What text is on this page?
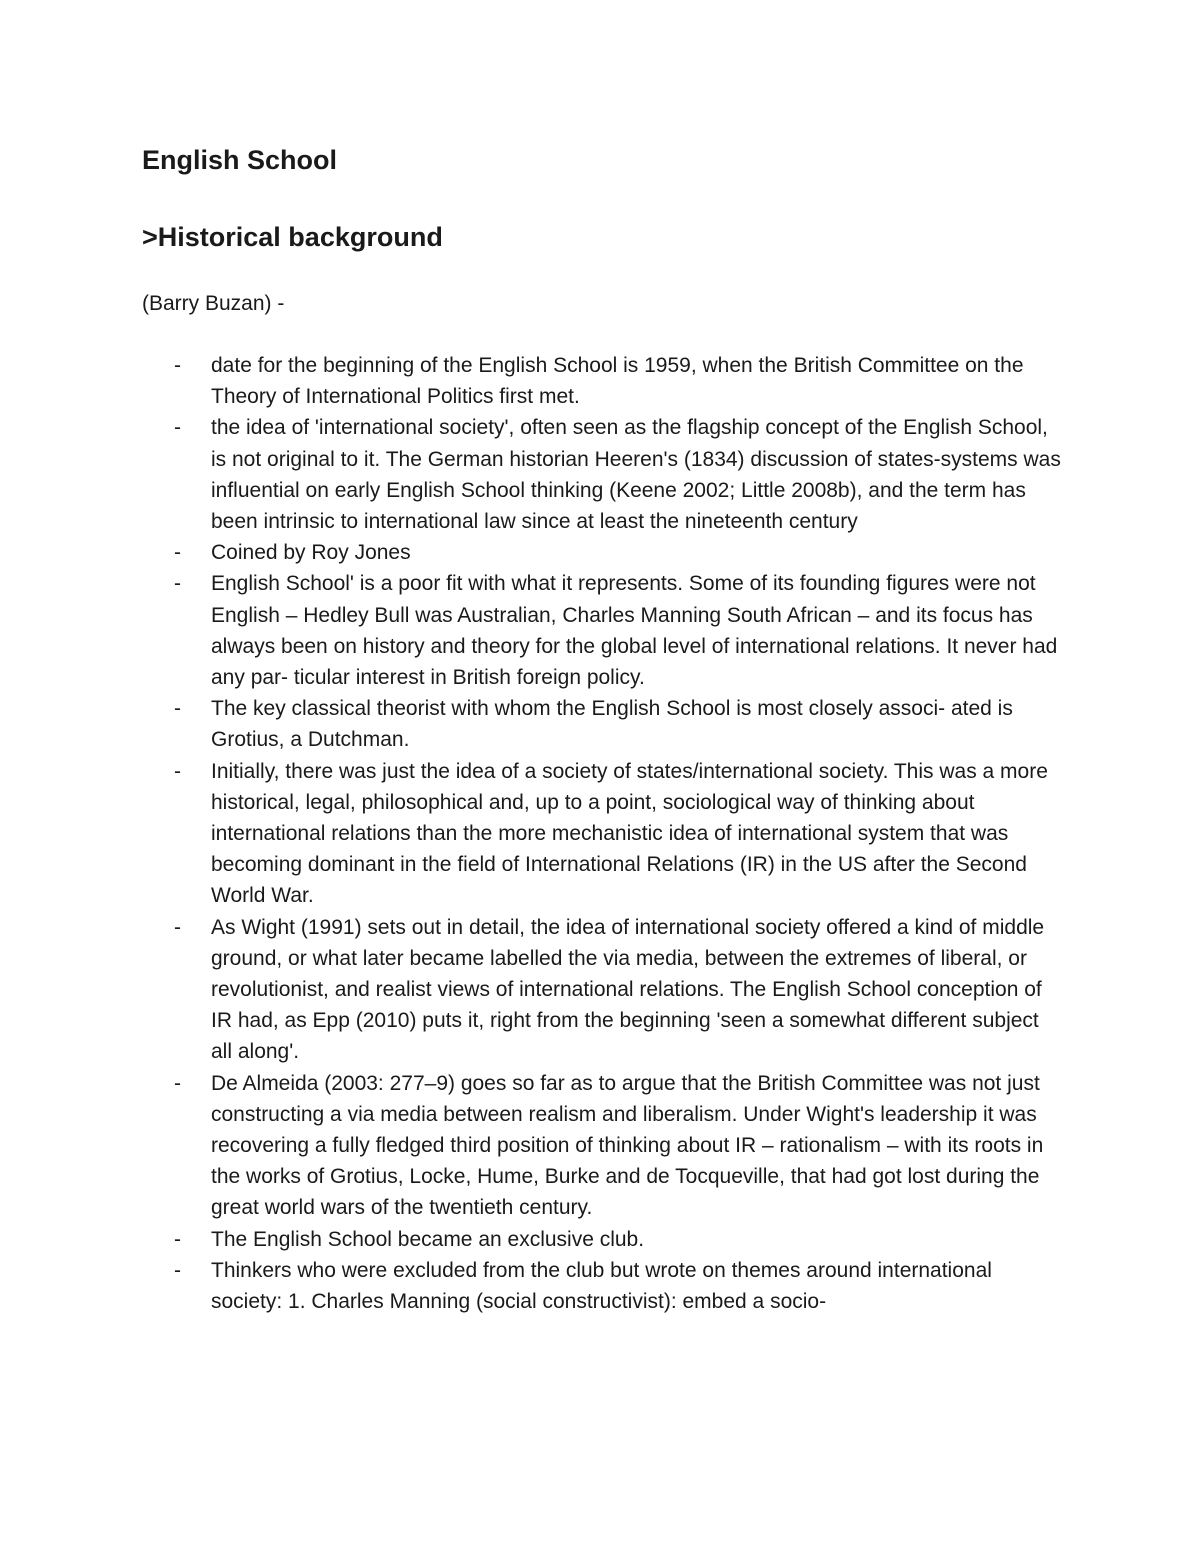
English School
>Historical background

(Barry Buzan) -

- date for the beginning of the English School is 1959, when the British Committee on the Theory of International Politics first met.
- the idea of 'international society', often seen as the flagship concept of the English School, is not original to it. The German historian Heeren's (1834) discussion of states-systems was influential on early English School thinking (Keene 2002; Little 2008b), and the term has been intrinsic to international law since at least the nineteenth century
- Coined by Roy Jones
- English School' is a poor fit with what it represents. Some of its founding figures were not English – Hedley Bull was Australian, Charles Manning South African – and its focus has always been on history and theory for the global level of international relations. It never had any par- ticular interest in British foreign policy.
- The key classical theorist with whom the English School is most closely associ- ated is Grotius, a Dutchman.
- Initially, there was just the idea of a society of states/international society. This was a more historical, legal, philosophical and, up to a point, sociological way of thinking about international relations than the more mechanistic idea of international system that was becoming dominant in the field of International Relations (IR) in the US after the Second World War.
- As Wight (1991) sets out in detail, the idea of international society offered a kind of middle ground, or what later became labelled the via media, between the extremes of liberal, or revolutionist, and realist views of international relations. The English School conception of IR had, as Epp (2010) puts it, right from the beginning 'seen a somewhat different subject all along'.
- De Almeida (2003: 277–9) goes so far as to argue that the British Committee was not just constructing a via media between realism and liberalism. Under Wight's leadership it was recovering a fully fledged third position of thinking about IR – rationalism – with its roots in the works of Grotius, Locke, Hume, Burke and de Tocqueville, that had got lost during the great world wars of the twentieth century.
- The English School became an exclusive club.
- Thinkers who were excluded from the club but wrote on themes around international society: 1. Charles Manning (social constructivist): embed a socio-
